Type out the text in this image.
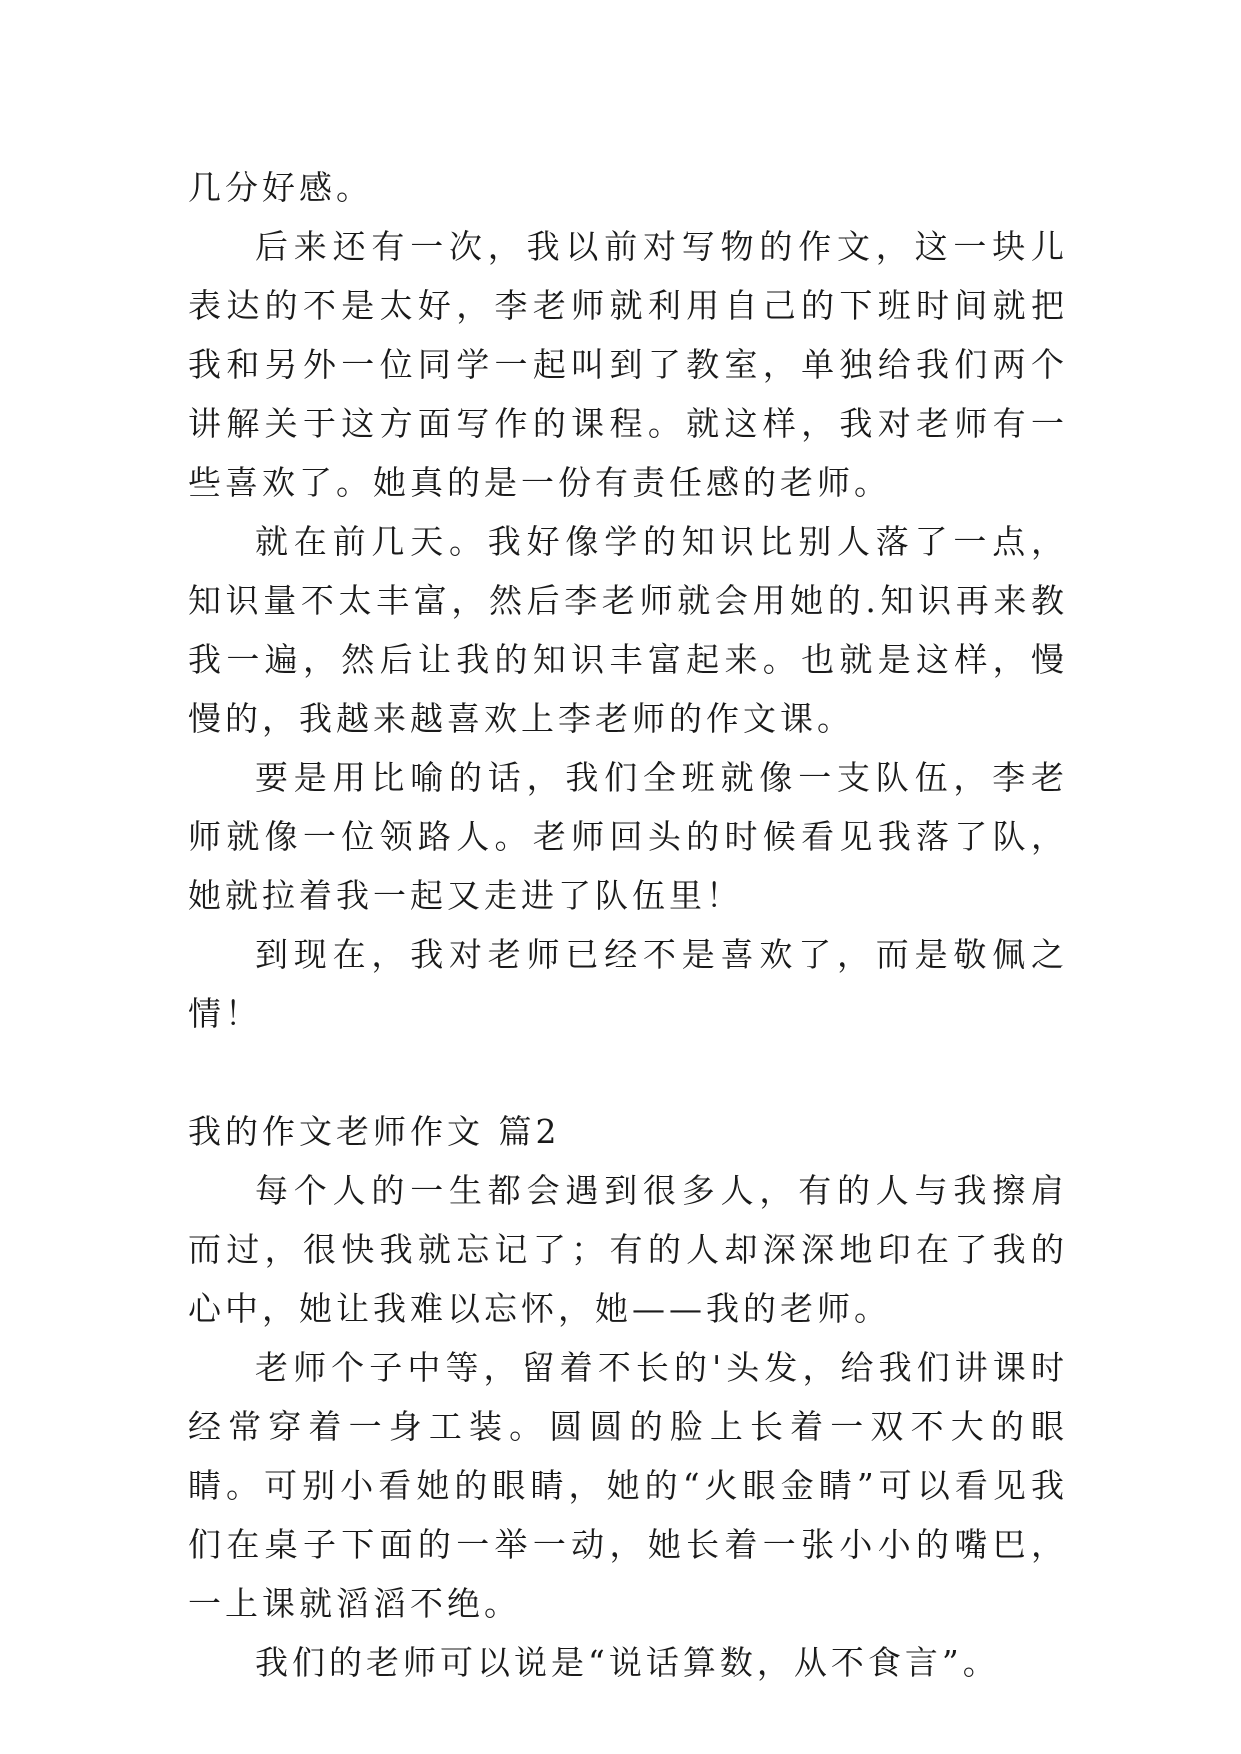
几分好感。

后来还有一次，我以前对写物的作文，这一块儿表达的不是太好，李老师就利用自己的下班时间就把我和另外一位同学一起叫到了教室，单独给我们两个讲解关于这方面写作的课程。就这样，我对老师有一些喜欢了。她真的是一份有责任感的老师。

就在前几天。我好像学的知识比别人落了一点，知识量不太丰富，然后李老师就会用她的.知识再来教我一遍，然后让我的知识丰富起来。也就是这样，慢慢的，我越来越喜欢上李老师的作文课。

要是用比喻的话，我们全班就像一支队伍，李老师就像一位领路人。老师回头的时候看见我落了队，她就拉着我一起又走进了队伍里！

到现在，我对老师已经不是喜欢了，而是敬佩之情！

我的作文老师作文 篇2

每个人的一生都会遇到很多人，有的人与我擦肩而过，很快我就忘记了；有的人却深深地印在了我的心中，她让我难以忘怀，她——我的老师。

老师个子中等，留着不长的'头发，给我们讲课时经常穿着一身工装。圆圆的脸上长着一双不大的眼睛。可别小看她的眼睛，她的“火眼金睛”可以看见我们在桌子下面的一举一动，她长着一张小小的嘴巴，一上课就滔滔不绝。

我们的老师可以说是“说话算数，从不食言”。
